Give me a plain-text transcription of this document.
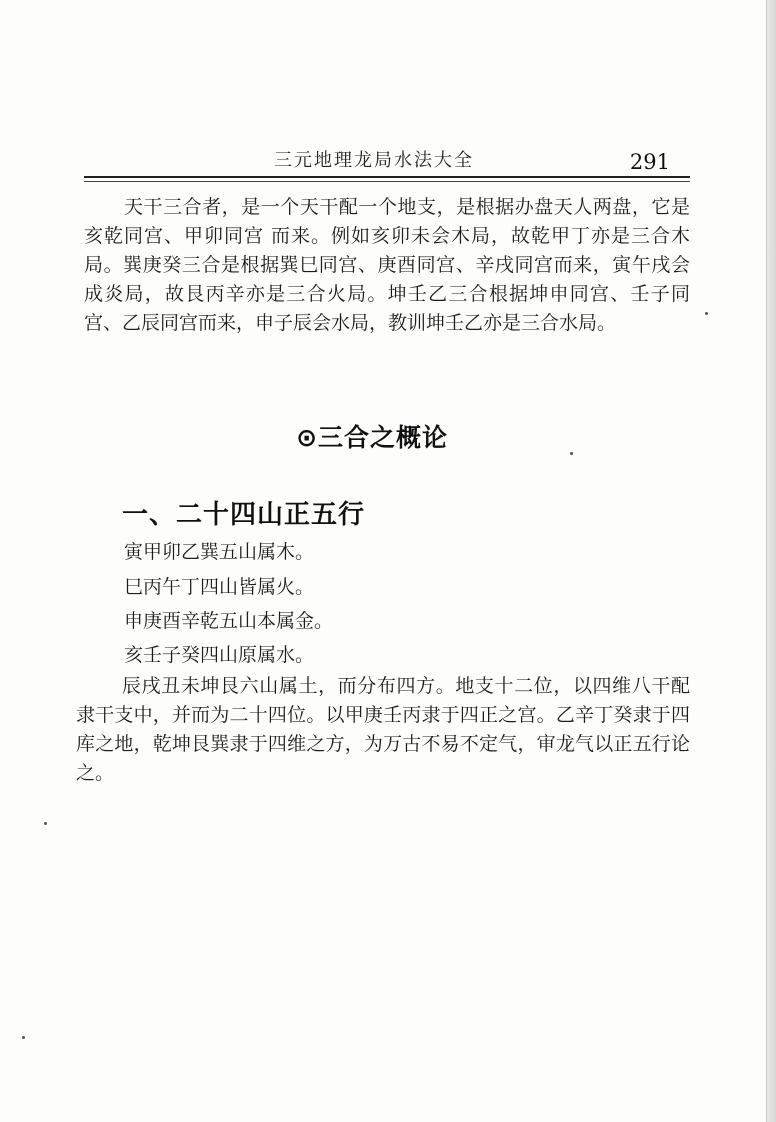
三元地理龙局水法大全	291
天干三合者，是一个天干配一个地支，是根据办盘天人两盘，它是亥乾同宫、甲卯同宫 而来。例如亥卯未会木局，故乾甲丁亦是三合木局。巽庚癸三合是根据巽巳同宫、庚酉同宫、辛戌同宫而来，寅午戌会成炎局，故艮丙辛亦是三合火局。坤壬乙三合根据坤申同宫、壬子同宫、乙辰同宫而来，申子辰会水局，教训坤壬乙亦是三合水局。
⊙三合之概论
一、二十四山正五行
寅甲卯乙巽五山属木。
巳丙午丁四山皆属火。
申庚酉辛乾五山本属金。
亥壬子癸四山原属水。
辰戌丑未坤艮六山属土，而分布四方。地支十二位，以四维八干配隶干支中，并而为二十四位。以甲庚壬丙隶于四正之宫。乙辛丁癸隶于四库之地，乾坤艮巽隶于四维之方，为万古不易不定气，审龙气以正五行论之。
